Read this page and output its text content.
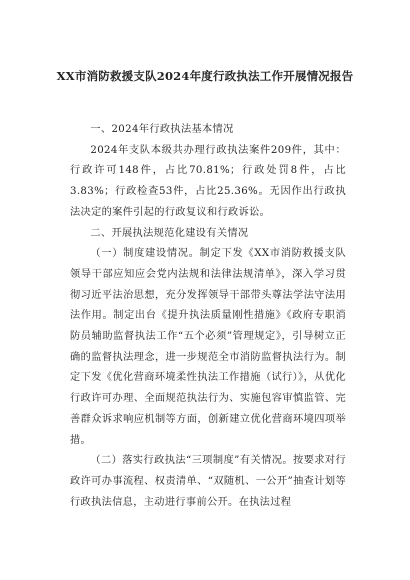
XX市消防救援支队2024年度行政执法工作开展情况报告

一、2024年行政执法基本情况

2024年支队本级共办理行政执法案件209件，其中：行政许可148件，占比70.81%；行政处罚8件，占比3.83%；行政检查53件，占比25.36%。无因作出行政执法决定的案件引起的行政复议和行政诉讼。

二、开展执法规范化建设有关情况

（一）制度建设情况。制定下发《XX市消防救援支队领导干部应知应会党内法规和法律法规清单》，深入学习贯彻习近平法治思想，充分发挥领导干部带头尊法学法守法用法作用。制定出台《提升执法质量刚性措施》《政府专职消防员辅助监督执法工作“五个必须”管理规定》，引导树立正确的监督执法理念，进一步规范全市消防监督执法行为。制定下发《优化营商环境柔性执法工作措施（试行）》，从优化行政许可办理、全面规范执法行为、实施包容审慎监管、完善群众诉求响应机制等方面，创新建立优化营商环境四项举措。

（二）落实行政执法“三项制度”有关情况。按要求对行政许可办事流程、权责清单、“双随机、一公开”抽查计划等行政执法信息，主动进行事前公开。在执法过程
